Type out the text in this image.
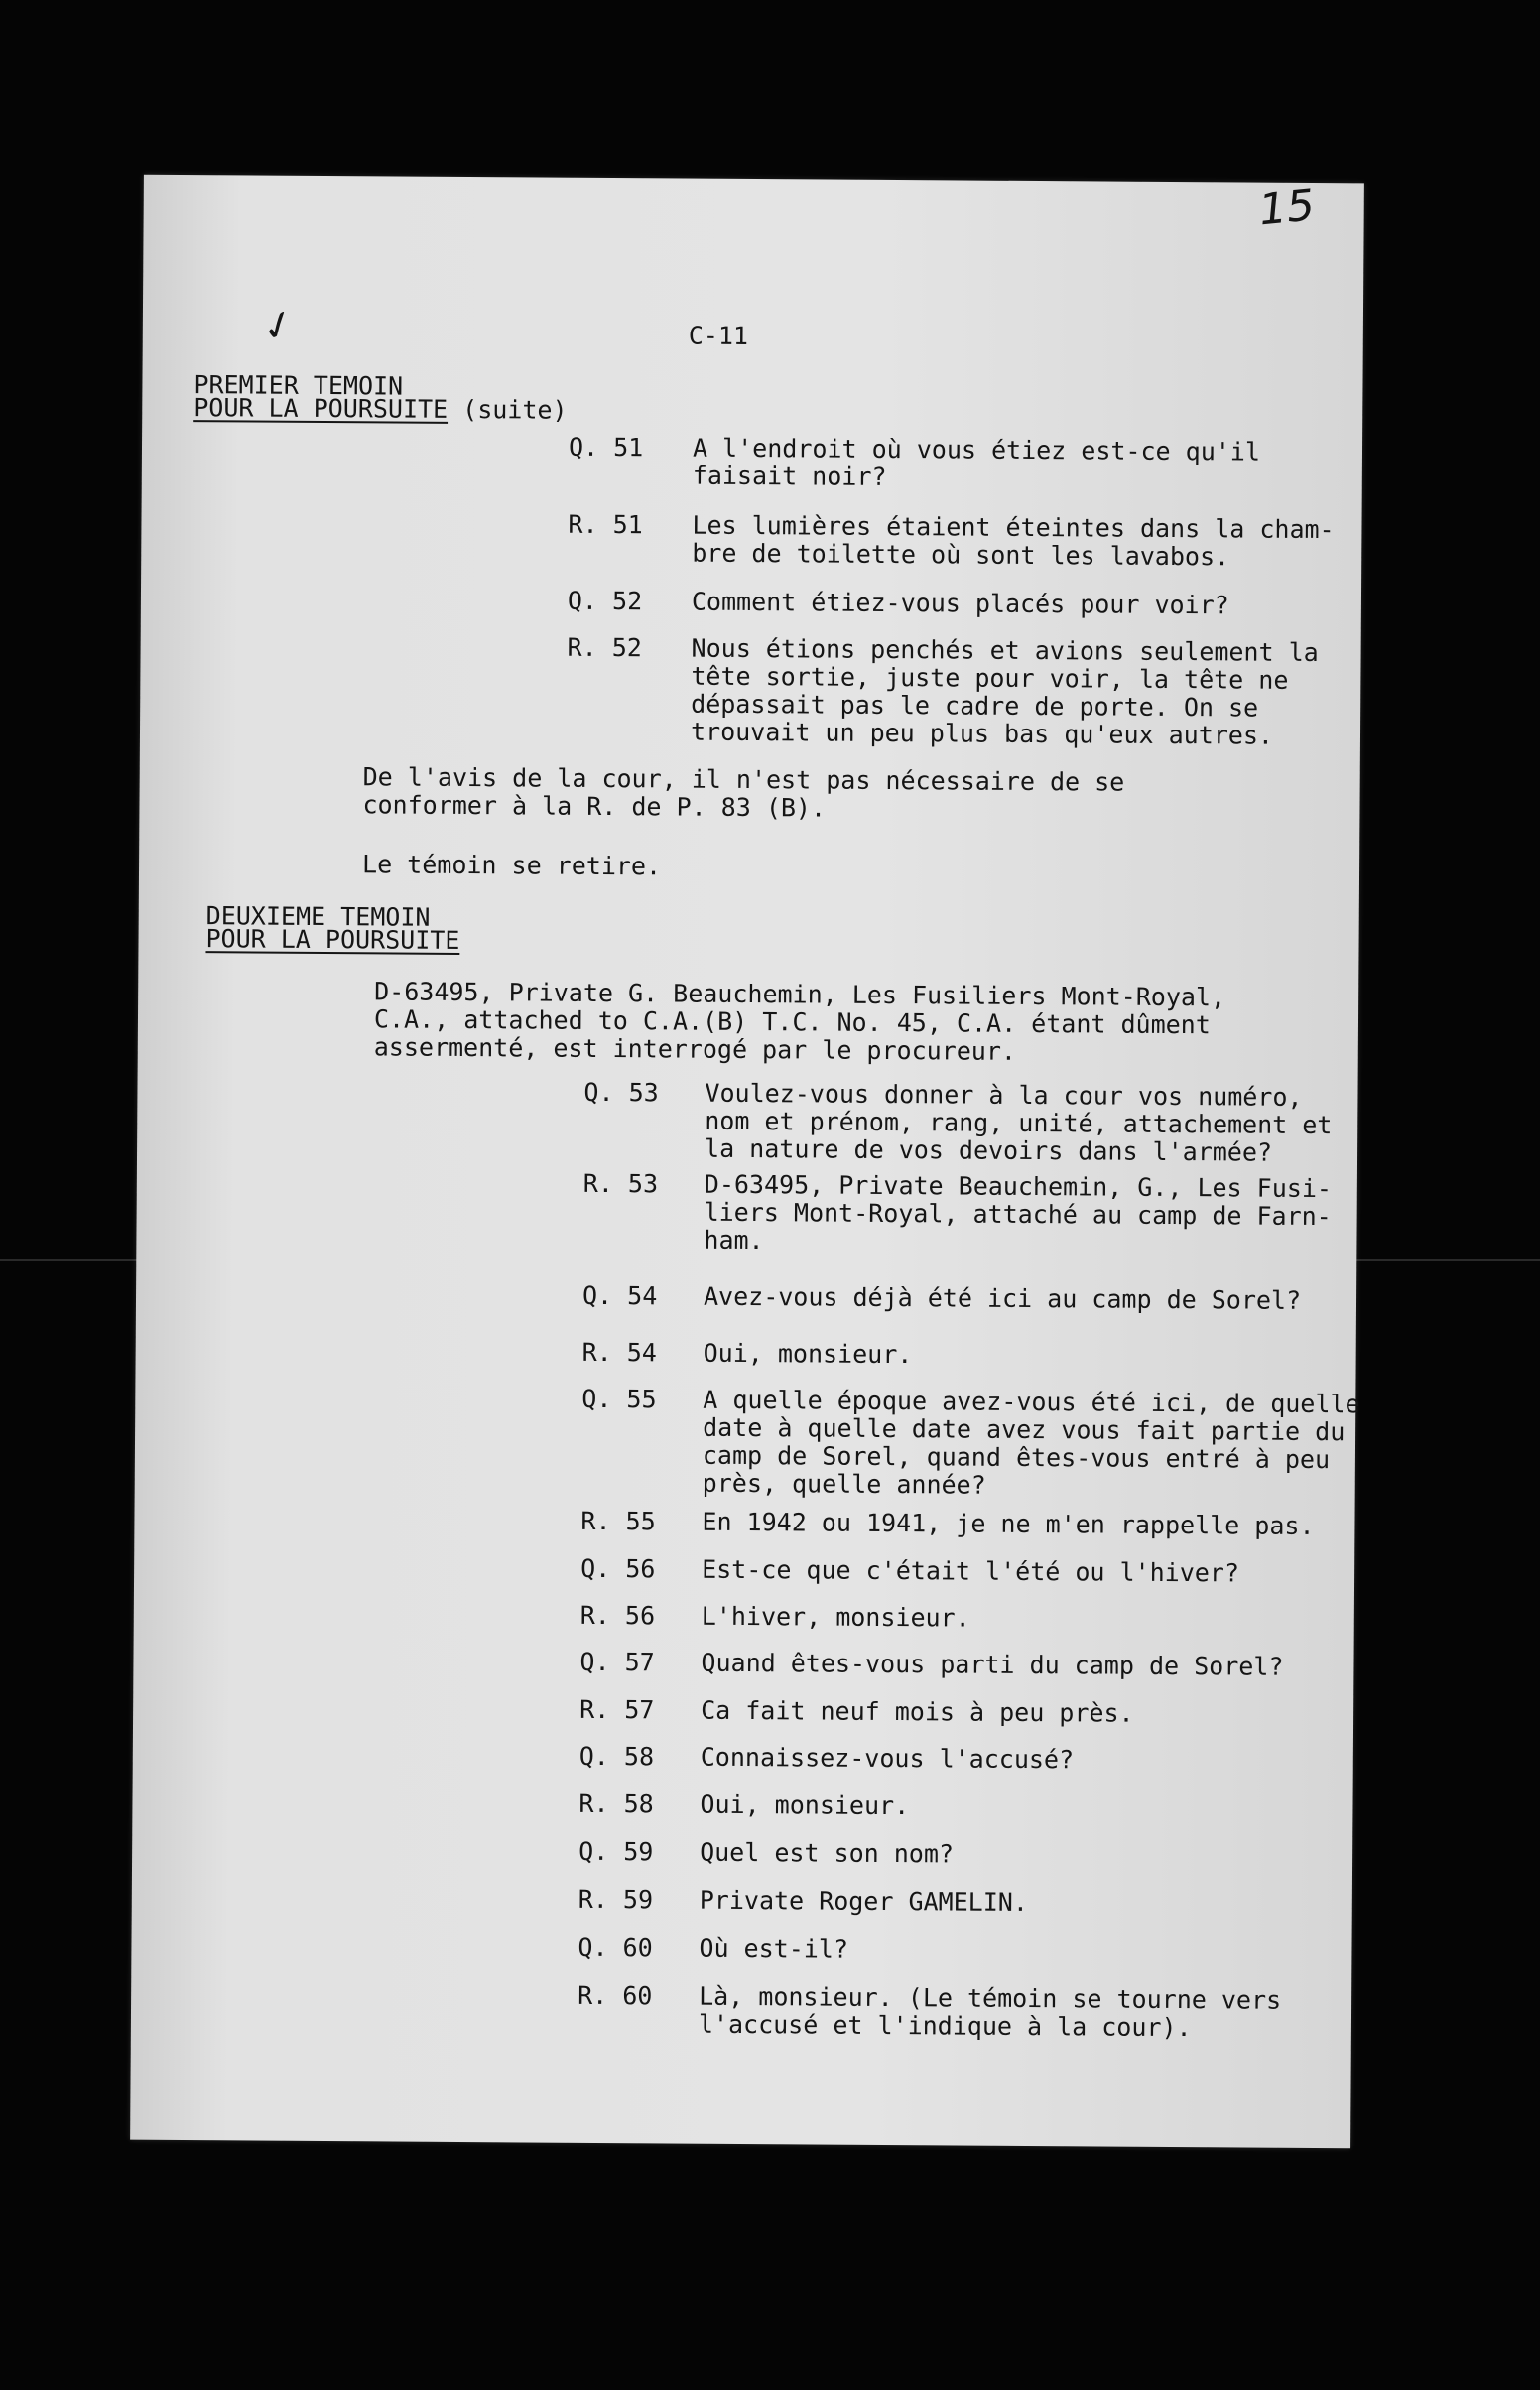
15
✓	C-11
PREMIER TEMOIN
POUR LA POURSUITE (suite)
Q. 51	A l'endroit où vous étiez est-ce qu'il
faisait noir?
R. 51	Les lumières étaient éteintes dans la cham-
bre de toilette où sont les lavabos.
Q. 52	Comment étiez-vous placés pour voir?
R. 52	Nous étions penchés et avions seulement la
tête sortie, juste pour voir, la tête ne
dépassait pas le cadre de porte. On se
trouvait un peu plus bas qu'eux autres.
De l'avis de la cour, il n'est pas nécessaire de se
conformer à la R. de P. 83 (B).
Le témoin se retire.
DEUXIEME TEMOIN
POUR LA POURSUITE
D-63495, Private G. Beauchemin, Les Fusiliers Mont-Royal,
C.A., attached to C.A.(B) T.C. No. 45, C.A. étant dûment
assermenté, est interrogé par le procureur.
Q. 53	Voulez-vous donner à la cour vos numéro,
nom et prénom, rang, unité, attachement et
la nature de vos devoirs dans l'armée?
R. 53	D-63495, Private Beauchemin, G., Les Fusi-
liers Mont-Royal, attaché au camp de Farn-
ham.
Q. 54	Avez-vous déjà été ici au camp de Sorel?
R. 54	Oui, monsieur.
Q. 55	A quelle époque avez-vous été ici, de quelle
date à quelle date avez vous fait partie du
camp de Sorel, quand êtes-vous entré à peu
près, quelle année?
R. 55	En 1942 ou 1941, je ne m'en rappelle pas.
Q. 56	Est-ce que c'était l'été ou l'hiver?
R. 56	L'hiver, monsieur.
Q. 57	Quand êtes-vous parti du camp de Sorel?
R. 57	Ca fait neuf mois à peu près.
Q. 58	Connaissez-vous l'accusé?
R. 58	Oui, monsieur.
Q. 59	Quel est son nom?
R. 59	Private Roger GAMELIN.
Q. 60	Où est-il?
R. 60	Là, monsieur. (Le témoin se tourne vers
l'accusé et l'indique à la cour).
